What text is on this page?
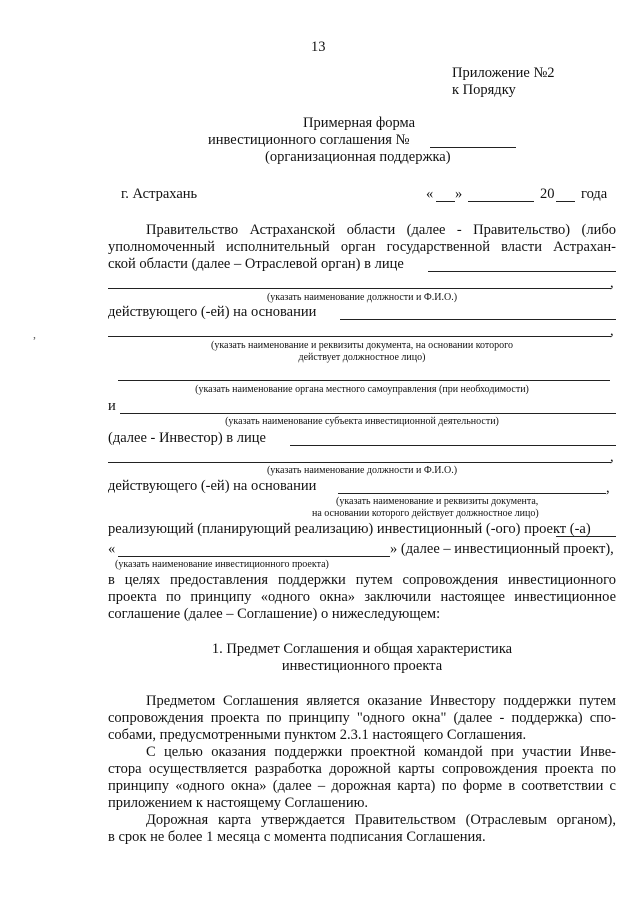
13
Приложение №2
к Порядку
Примерная форма
инвестиционного соглашения №
(организационная поддержка)
г. Астрахань	« »	20 года
Правительство Астраханской области (далее - Правительство) (либо
уполномоченный исполнительный орган государственной власти Астрахан-
ской области (далее – Отраслевой орган) в лице
,
(указать наименование должности и Ф.И.О.)
действующего (-ей) на основании
,
(указать наименование и реквизиты документа, на основании которого
действует должностное лицо)
(указать наименование органа местного самоуправления (при необходимости)
и
(указать наименование субъекта инвестиционной деятельности)
(далее - Инвестор) в лице
,
(указать наименование должности и Ф.И.О.)
действующего (-ей) на основании	,
(указать наименование и реквизиты документа,
на основании которого действует должностное лицо)
реализующий (планирующий реализацию) инвестиционный (-ого) проект (-а)
«	» (далее – инвестиционный проект),
(указать наименование инвестиционного проекта)
в целях предоставления поддержки путем сопровождения инвестиционного
проекта по принципу «одного окна» заключили настоящее инвестиционное
соглашение (далее – Соглашение) о нижеследующем:
1. Предмет Соглашения и общая характеристика
инвестиционного проекта
Предметом Соглашения является оказание Инвестору поддержки путем
сопровождения проекта по принципу "одного окна" (далее - поддержка) спо-
собами, предусмотренными пунктом 2.3.1 настоящего Соглашения.
С целью оказания поддержки проектной командой при участии Инве-
стора осуществляется разработка дорожной карты сопровождения проекта по
принципу «одного окна» (далее – дорожная карта) по форме в соответствии с
приложением к настоящему Соглашению.
Дорожная карта утверждается Правительством (Отраслевым органом),
в срок не более 1 месяца с момента подписания Соглашения.
,
